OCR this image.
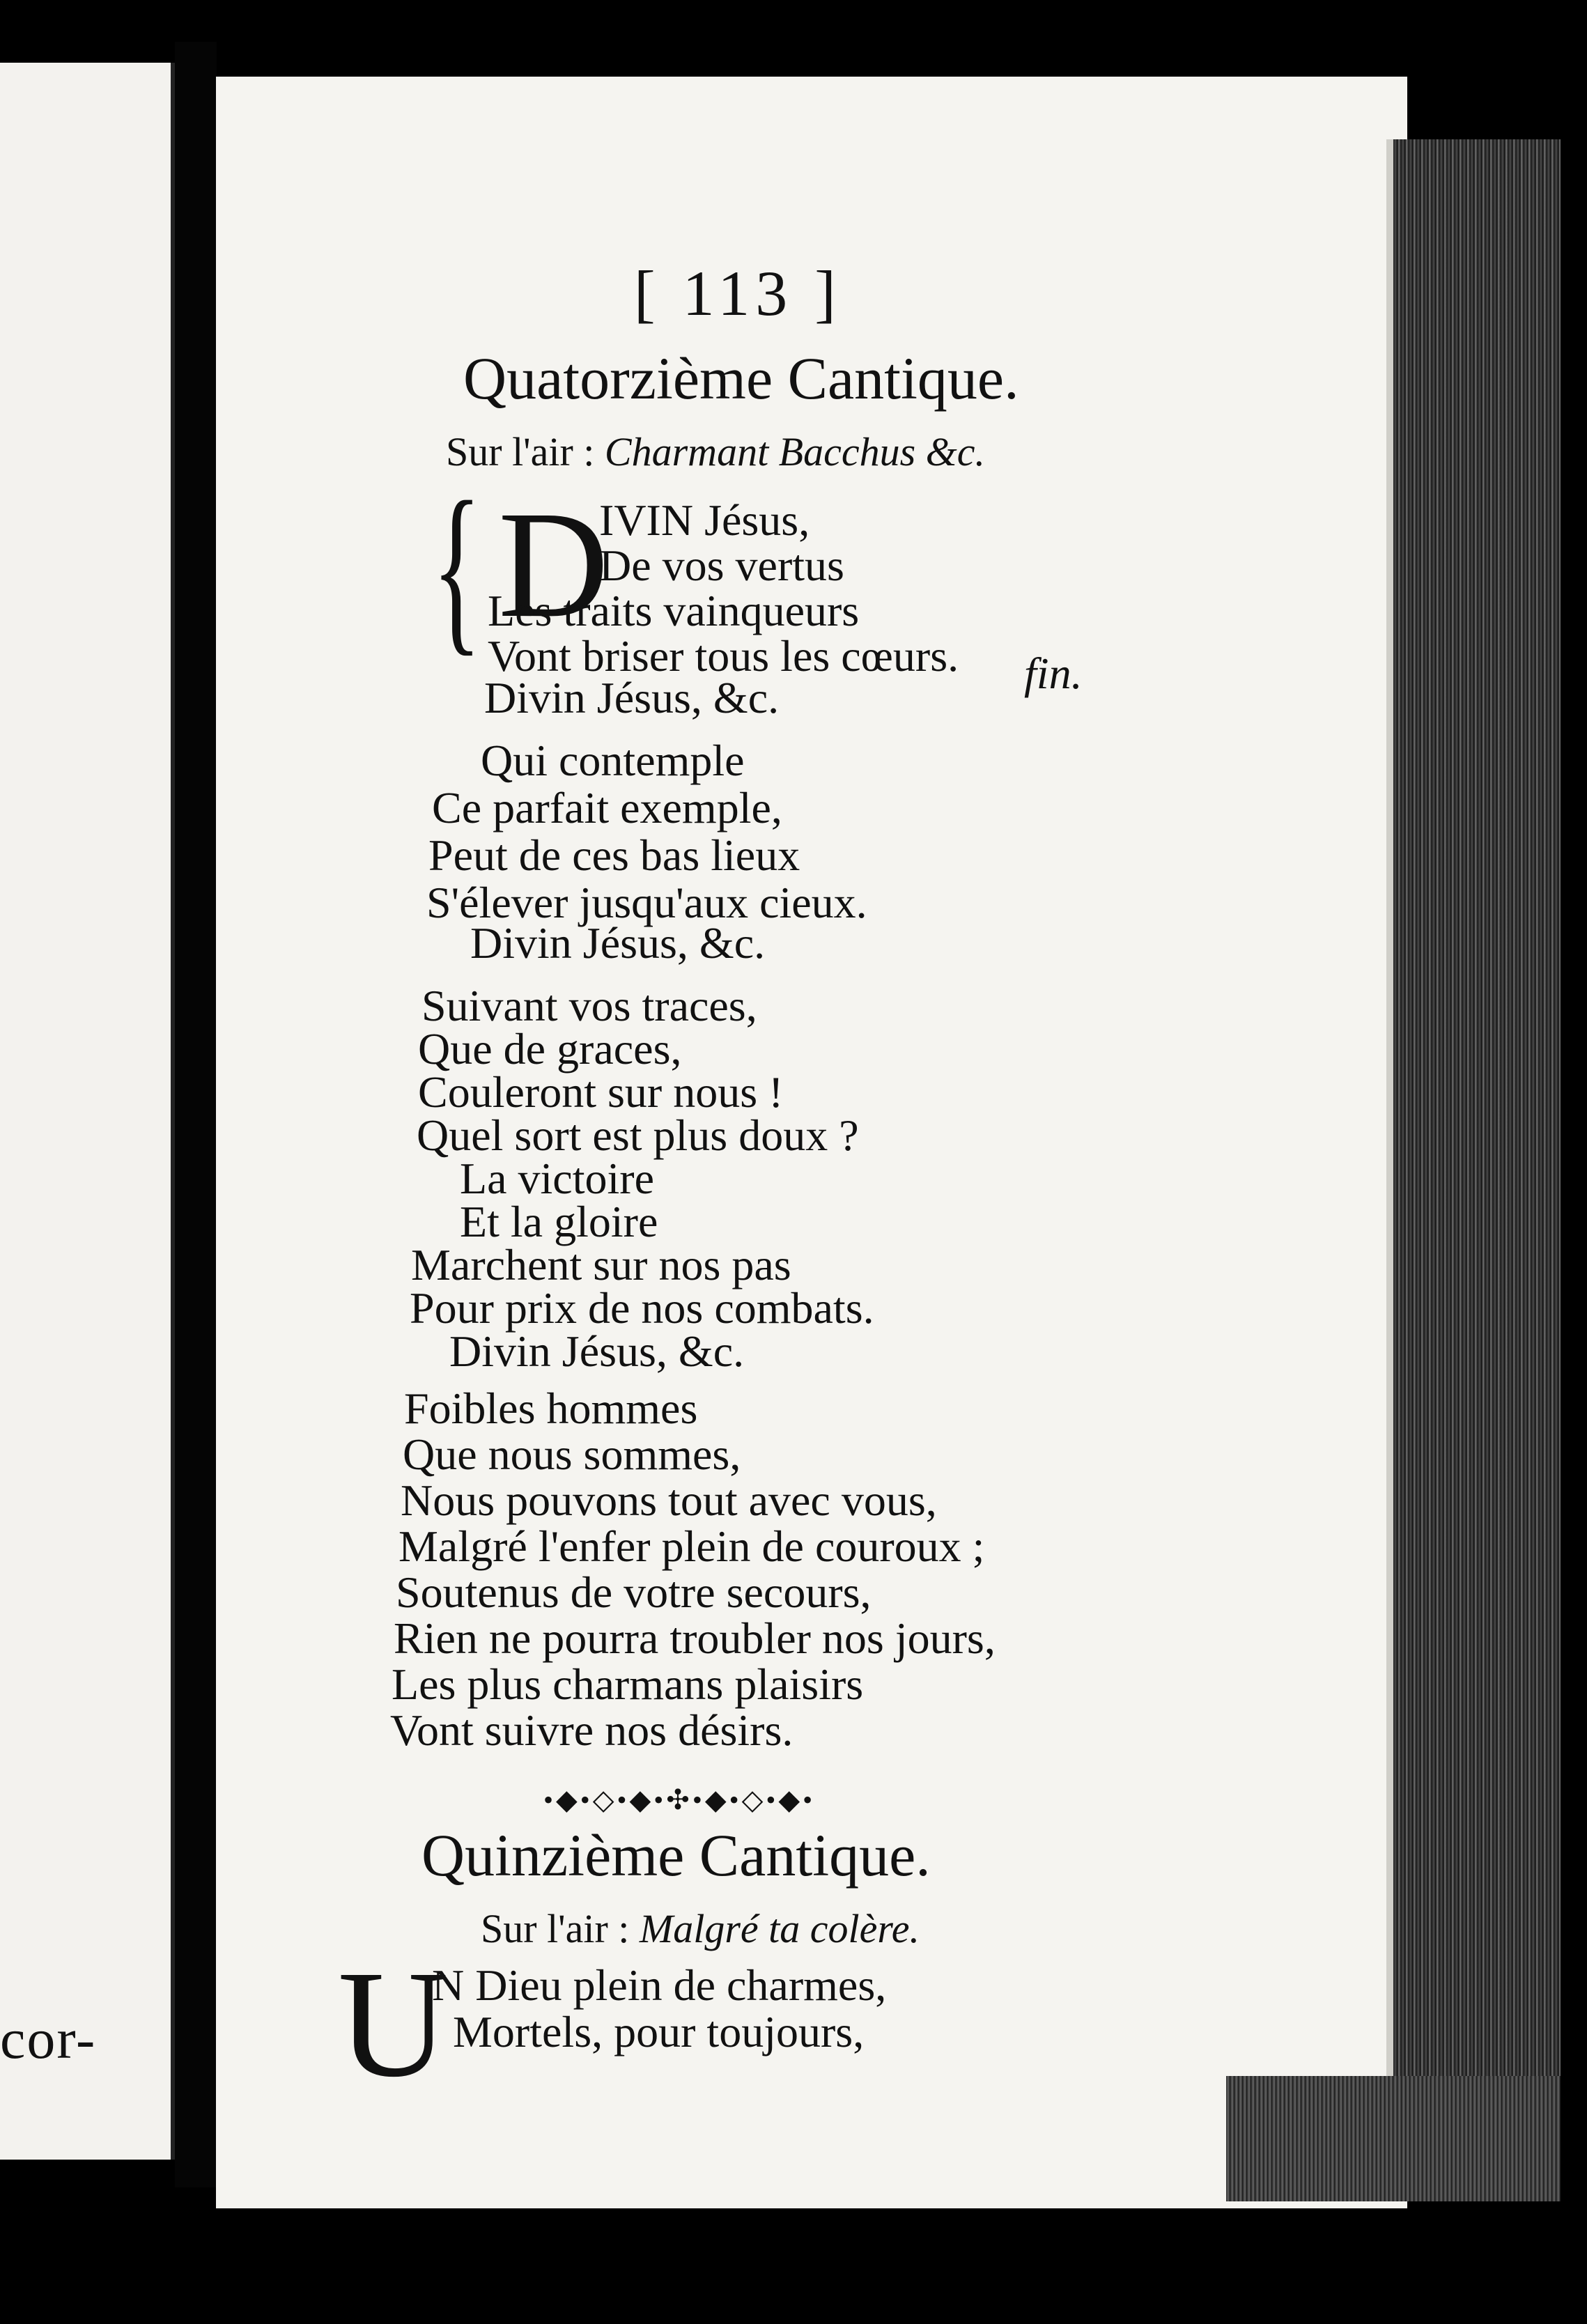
cor-
[ 113 ]
Quatorzième Cantique.
Sur l'air : Charmant Bacchus &c.
{ D
IVIN Jésus,
De vos vertus
Les traits vainqueurs
Vont briser tous les cœurs. fin.
Divin Jésus, &c.
Qui contemple
Ce parfait exemple,
Peut de ces bas lieux
S'élever jusqu'aux cieux.
Divin Jésus, &c.
Suivant vos traces,
Que de graces,
Couleront sur nous !
Quel sort est plus doux ?
La victoire
Et la gloire
Marchent sur nos pas
Pour prix de nos combats.
Divin Jésus, &c.
Foibles hommes
Que nous sommes,
Nous pouvons tout avec vous,
Malgré l'enfer plein de couroux ;
Soutenus de votre secours,
Rien ne pourra troubler nos jours,
Les plus charmans plaisirs
Vont suivre nos désirs.
•◆•◇•◆•✣•◆•◇•◆•
Quinzième Cantique.
Sur l'air : Malgré ta colère.
U
N Dieu plein de charmes,
Mortels, pour toujours,
